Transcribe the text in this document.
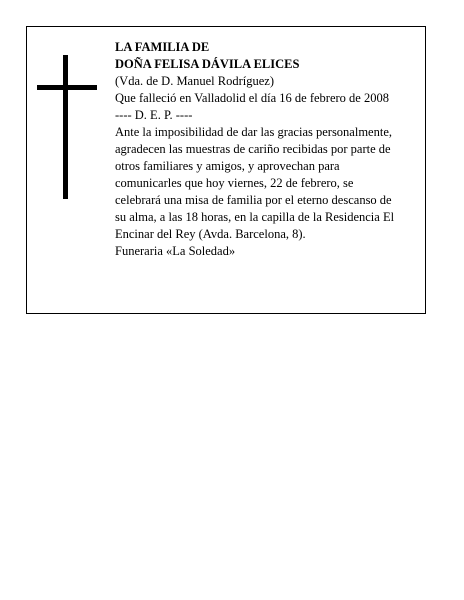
LA FAMILIA DE
DOÑA FELISA DÁVILA ELICES
(Vda. de D. Manuel Rodríguez)
Que falleció en Valladolid el día 16 de febrero de 2008
---- D. E. P. ----
Ante la imposibilidad de dar las gracias personalmente,
agradecen las muestras de cariño recibidas por parte de
otros familiares y amigos, y aprovechan para
comunicarles que hoy viernes, 22 de febrero, se
celebrará una misa de familia por el eterno descanso de
su alma, a las 18 horas, en la capilla de la Residencia El
Encinar del Rey (Avda. Barcelona, 8).
Funeraria «La Soledad»
